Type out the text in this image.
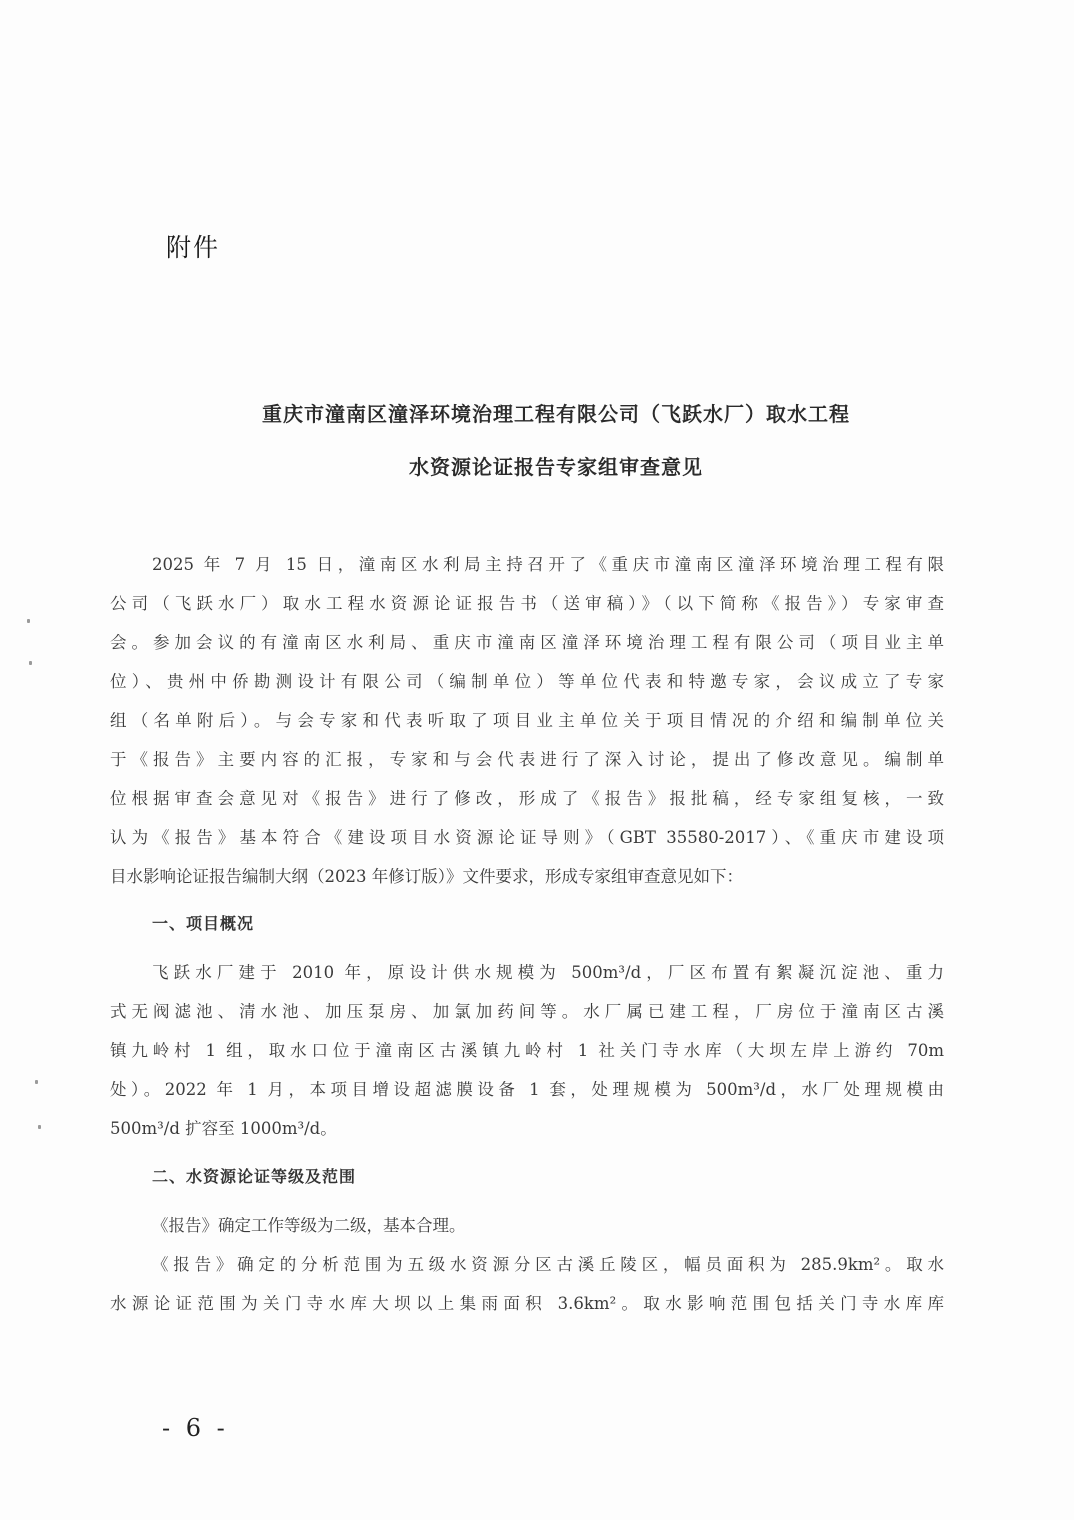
附件
重庆市潼南区潼泽环境治理工程有限公司（飞跃水厂）取水工程
水资源论证报告专家组审查意见
2025 年 7 月 15 日，潼南区水利局主持召开了《重庆市潼南区潼泽环境治理工程有限
公司（飞跃水厂）取水工程水资源论证报告书（送审稿）》（以下简称《报告》）专家审查
会。参加会议的有潼南区水利局、重庆市潼南区潼泽环境治理工程有限公司（项目业主单
位）、贵州中侨勘测设计有限公司（编制单位）等单位代表和特邀专家，会议成立了专家
组（名单附后）。与会专家和代表听取了项目业主单位关于项目情况的介绍和编制单位关
于《报告》主要内容的汇报，专家和与会代表进行了深入讨论，提出了修改意见。编制单
位根据审查会意见对《报告》进行了修改，形成了《报告》报批稿，经专家组复核，一致
认为《报告》基本符合《建设项目水资源论证导则》（GBT 35580-2017）、《重庆市建设项
目水影响论证报告编制大纲（2023 年修订版）》文件要求，形成专家组审查意见如下：
一、项目概况
飞跃水厂建于 2010 年，原设计供水规模为 500m³/d，厂区布置有絮凝沉淀池、重力
式无阀滤池、清水池、加压泵房、加氯加药间等。水厂属已建工程，厂房位于潼南区古溪
镇九岭村 1 组，取水口位于潼南区古溪镇九岭村 1 社关门寺水库（大坝左岸上游约 70m
处）。2022 年 1 月，本项目增设超滤膜设备 1 套，处理规模为 500m³/d，水厂处理规模由
500m³/d 扩容至 1000m³/d。
二、水资源论证等级及范围
《报告》确定工作等级为二级，基本合理。
《报告》确定的分析范围为五级水资源分区古溪丘陵区，幅员面积为 285.9km²。取水
水源论证范围为关门寺水库大坝以上集雨面积 3.6km²。取水影响范围包括关门寺水库库
- 6 -
